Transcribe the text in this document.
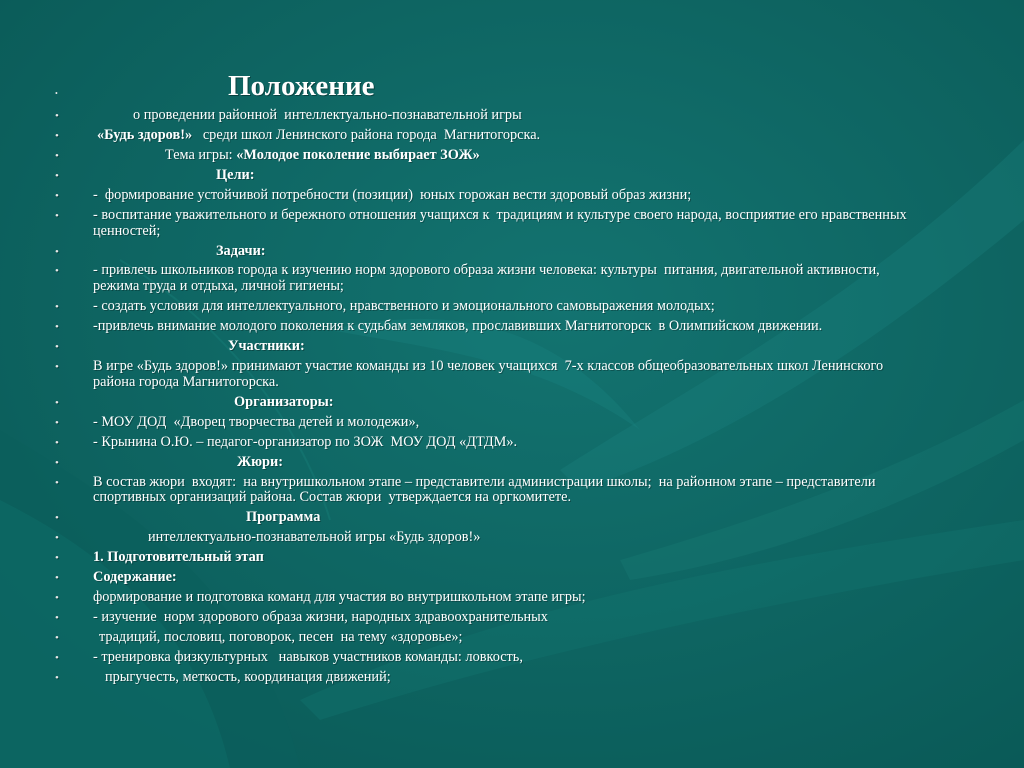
•	Положение
•	о проведении районной  интеллектуально-познавательной игры
•	«Будь здоров!»   среди школ Ленинского района города  Магнитогорска.
•	Тема игры: «Молодое поколение выбирает ЗОЖ»
•	Цели:
• -  формирование устойчивой потребности (позиции)  юных горожан вести здоровый образ жизни;
• - воспитание уважительного и бережного отношения учащихся к  традициям и культуре своего народа, восприятие его нравственных ценностей;
•	Задачи:
• - привлечь школьников города к изучению норм здорового образа жизни человека: культуры  питания, двигательной активности, режима труда и отдыха, личной гигиены;
• - создать условия для интеллектуального, нравственного и эмоционального самовыражения молодых;
• -привлечь внимание молодого поколения к судьбам земляков, прославивших Магнитогорск  в Олимпийском движении.
•	Участники:
• В игре «Будь здоров!» принимают участие команды из 10 человек учащихся  7-х классов общеобразовательных школ Ленинского района города Магнитогорска.
•	Организаторы:
• - МОУ ДОД  «Дворец творчества детей и молодежи»,
• - Крынина О.Ю. – педагог-организатор по ЗОЖ  МОУ ДОД «ДТДМ».
•	Жюри:
• В состав жюри  входят:  на внутришкольном этапе – представители администрации школы;  на районном этапе – представители спортивных организаций района. Состав жюри  утверждается на оргкомитете.
•	Программа
•	интеллектуально-познавательной игры «Будь здоров!»
• 1. Подготовительный этап
• Содержание:
• формирование и подготовка команд для участия во внутришкольном этапе игры;
• - изучение  норм здорового образа жизни, народных здравоохранительных
•	традиций, пословиц, поговорок, песен  на тему «здоровье»;
• - тренировка физкультурных   навыков участников команды: ловкость,
•	прыгучесть, меткость, координация движений;
